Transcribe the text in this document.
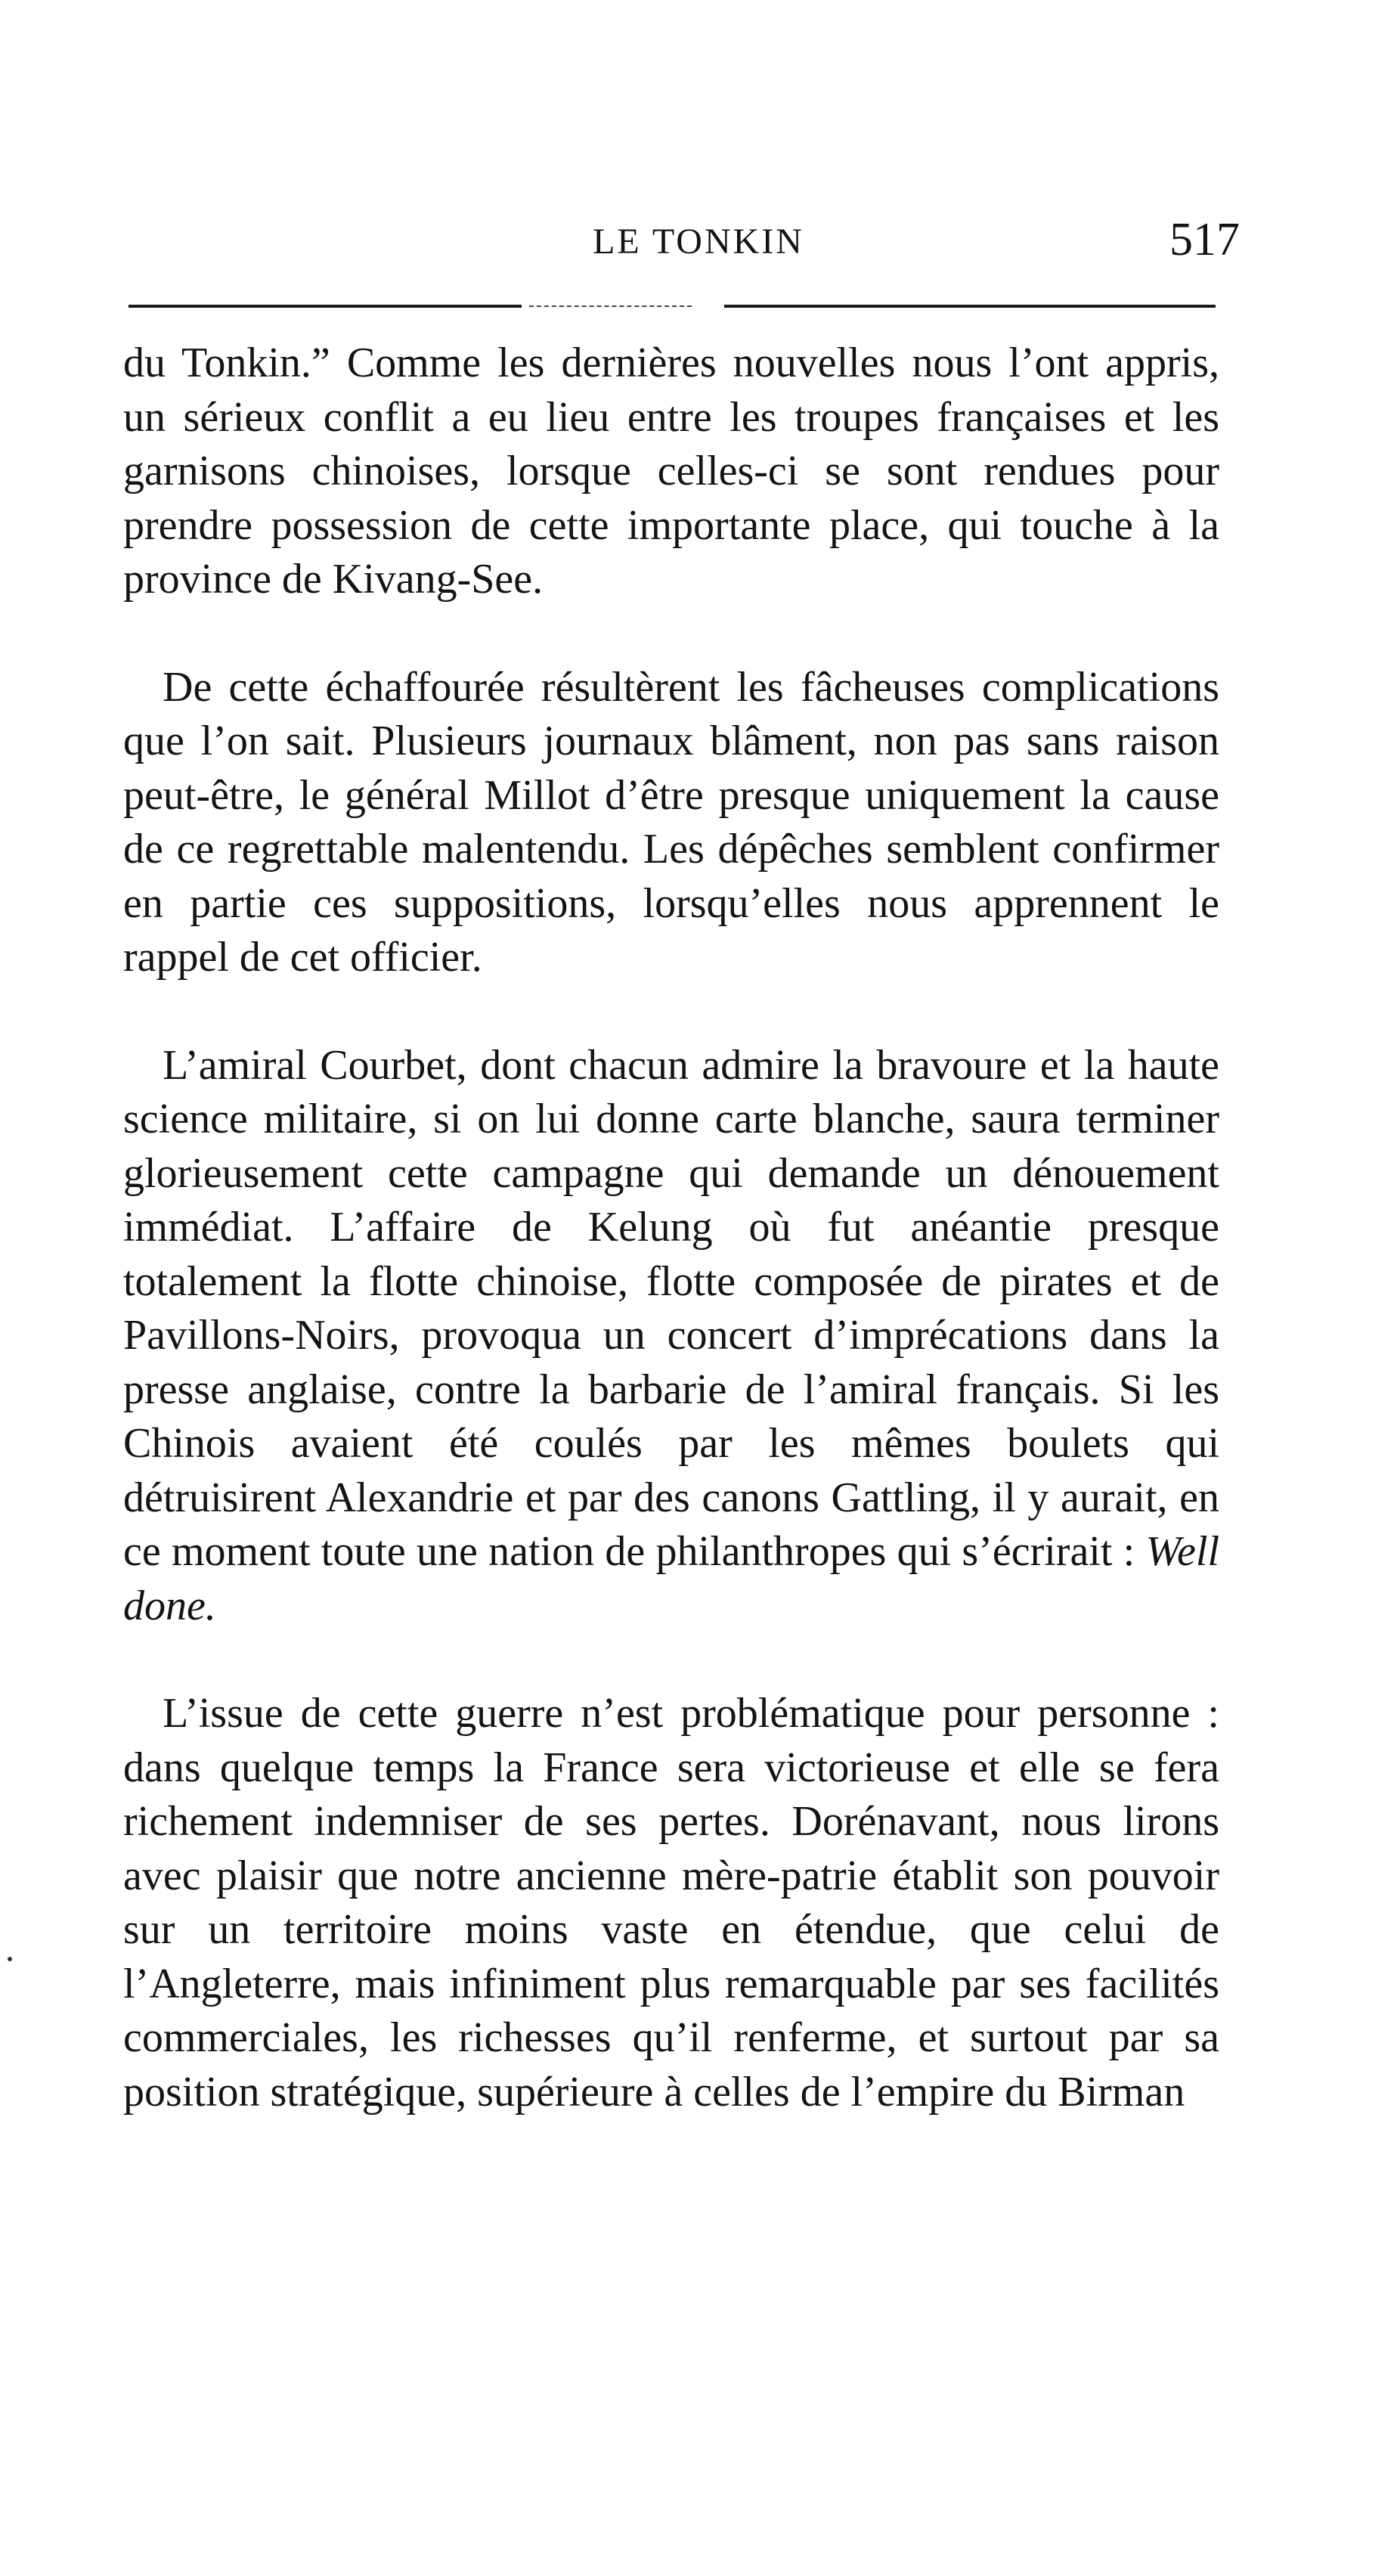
LE TONKIN	517

du Tonkin.” Comme les dernières nouvelles nous l’ont appris, un sérieux conflit a eu lieu entre les troupes françaises et les garnisons chinoises, lorsque celles-ci se sont rendues pour prendre possession de cette importante place, qui touche à la province de Kivang-See.

De cette échaffourée résultèrent les fâcheuses complications que l’on sait. Plusieurs journaux blâment, non pas sans raison peut-être, le général Millot d’être presque uniquement la cause de ce regrettable malentendu. Les dépêches semblent confirmer en partie ces suppositions, lorsqu’elles nous apprennent le rappel de cet officier.

L’amiral Courbet, dont chacun admire la bravoure et la haute science militaire, si on lui donne carte blanche, saura terminer glorieusement cette campagne qui demande un dénouement immédiat. L’affaire de Kelung où fut anéantie presque totalement la flotte chinoise, flotte composée de pirates et de Pavillons-Noirs, provoqua un concert d’imprécations dans la presse anglaise, contre la barbarie de l’amiral français. Si les Chinois avaient été coulés par les mêmes boulets qui détruisirent Alexandrie et par des canons Gattling, il y aurait, en ce moment toute une nation de philanthropes qui s’écrirait : Well done.

L’issue de cette guerre n’est problématique pour personne : dans quelque temps la France sera victorieuse et elle se fera richement indemniser de ses pertes. Dorénavant, nous lirons avec plaisir que notre ancienne mère-patrie établit son pouvoir sur un territoire moins vaste en étendue, que celui de l’Angleterre, mais infiniment plus remarquable par ses facilités commerciales, les richesses qu’il renferme, et surtout par sa position stratégique, supérieure à celles de l’empire du Birman
